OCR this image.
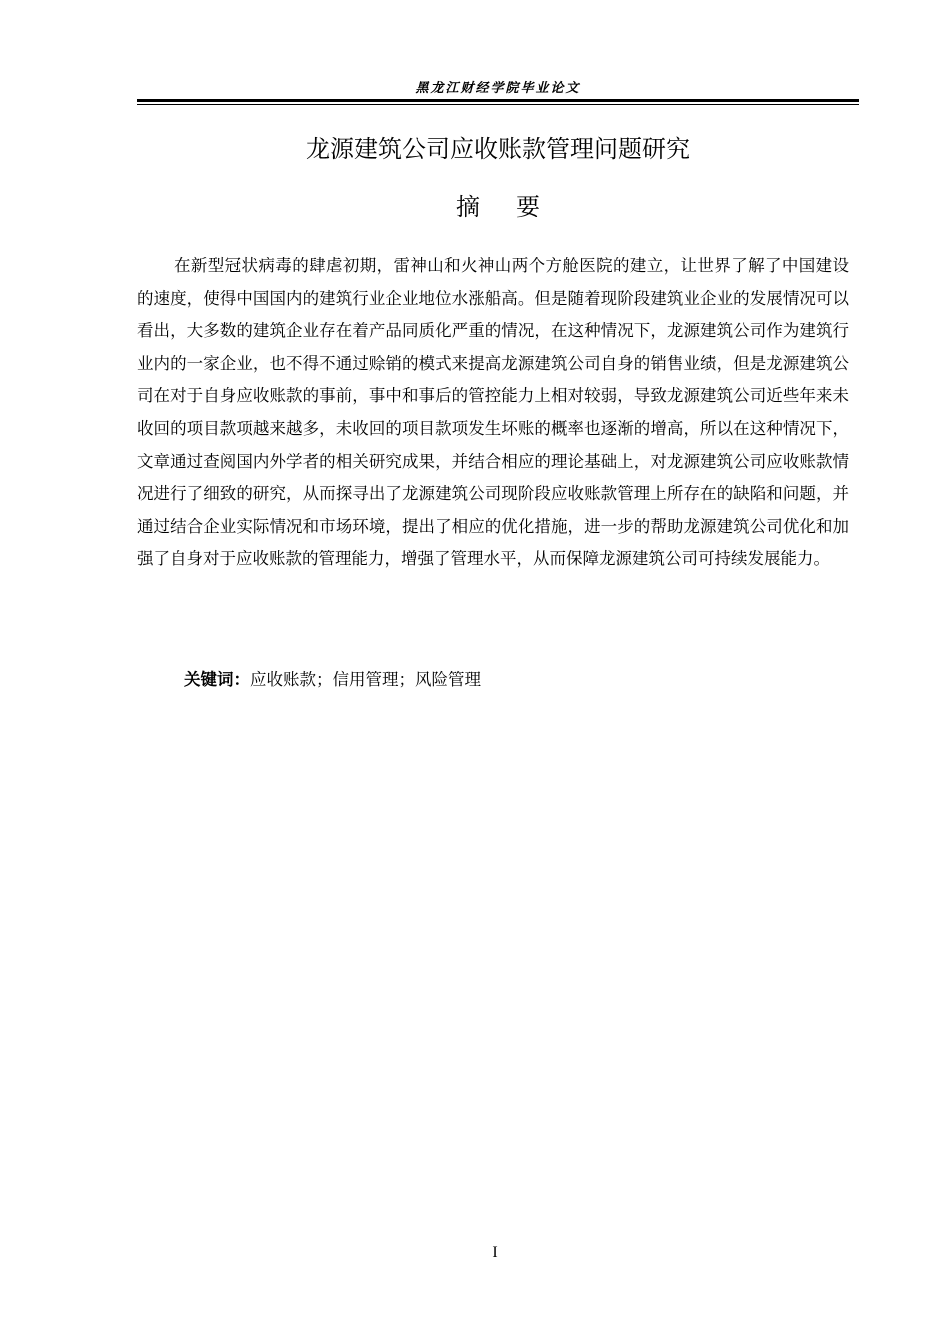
黑龙江财经学院毕业论文
龙源建筑公司应收账款管理问题研究
摘要

在新型冠状病毒的肆虐初期，雷神山和火神山两个方舱医院的建立，让世界了解了中国建设的速度，使得中国国内的建筑行业企业地位水涨船高。但是随着现阶段建筑业企业的发展情况可以看出，大多数的建筑企业存在着产品同质化严重的情况，在这种情况下，龙源建筑公司作为建筑行业内的一家企业，也不得不通过赊销的模式来提高龙源建筑公司自身的销售业绩，但是龙源建筑公司在对于自身应收账款的事前，事中和事后的管控能力上相对较弱，导致龙源建筑公司近些年来未收回的项目款项越来越多，未收回的项目款项发生坏账的概率也逐渐的增高，所以在这种情况下，文章通过查阅国内外学者的相关研究成果，并结合相应的理论基础上，对龙源建筑公司应收账款情况进行了细致的研究，从而探寻出了龙源建筑公司现阶段应收账款管理上所存在的缺陷和问题，并通过结合企业实际情况和市场环境，提出了相应的优化措施，进一步的帮助龙源建筑公司优化和加强了自身对于应收账款的管理能力，增强了管理水平，从而保障龙源建筑公司可持续发展能力。

关键词：应收账款；信用管理；风险管理

I
